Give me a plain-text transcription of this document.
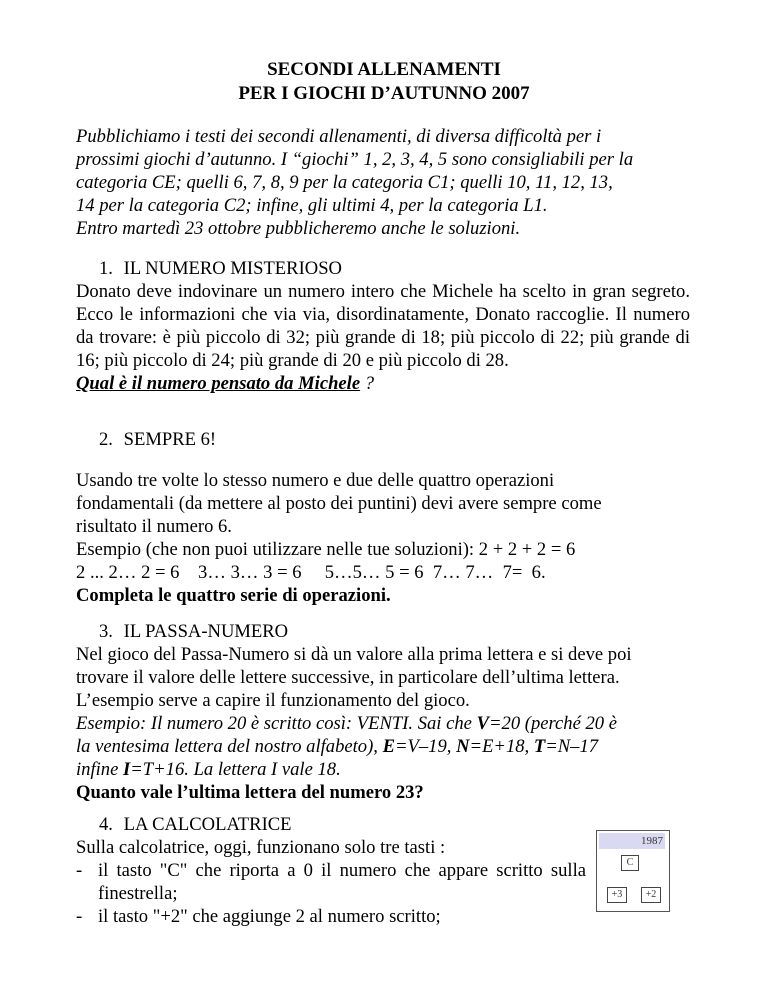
SECONDI ALLENAMENTI
PER I GIOCHI D’AUTUNNO 2007

Pubblichiamo i testi dei secondi allenamenti, di diversa difficoltà per i

prossimi giochi d’autunno. I “giochi” 1, 2, 3, 4, 5 sono consigliabili per la

categoria CE; quelli 6, 7, 8, 9 per la categoria C1; quelli 10, 11, 12, 13,

14 per la categoria C2; infine, gli ultimi 4, per la categoria L1.

Entro martedì 23 ottobre pubblicheremo anche le soluzioni.

1. IL NUMERO MISTERIOSO

Donato deve indovinare un numero intero che Michele ha scelto in gran segreto. Ecco le informazioni che via via, disordinatamente, Donato raccoglie. Il numero da trovare: è più piccolo di 32; più grande di 18; più piccolo di 22; più grande di 16; più piccolo di 24; più grande di 20 e più piccolo di 28.

Qual è il numero pensato da Michele ?

2. SEMPRE 6!

Usando tre volte lo stesso numero e due delle quattro operazioni

fondamentali (da mettere al posto dei puntini) devi avere sempre come

risultato il numero 6.

Esempio (che non puoi utilizzare nelle tue soluzioni): 2 + 2 + 2 = 6

2 ... 2… 2 = 6    3… 3… 3 = 6     5…5… 5 = 6  7… 7…  7=  6.

Completa le quattro serie di operazioni.

3. IL PASSA-NUMERO

Nel gioco del Passa-Numero si dà un valore alla prima lettera e si deve poi

trovare il valore delle lettere successive, in particolare dell’ultima lettera.

L’esempio serve a capire il funzionamento del gioco.

Esempio: Il numero 20 è scritto così: VENTI. Sai che V=20 (perché 20 è

la ventesima lettera del nostro alfabeto), E=V–19, N=E+18, T=N–17

infine I=T+16. La lettera I vale 18.

Quanto vale l’ultima lettera del numero 23?

4. LA CALCOLATRICE

Sulla calcolatrice, oggi, funzionano solo tre tasti :

- il tasto "C" che riporta a 0 il numero che appare scritto sulla finestrella;
- il tasto "+2" che aggiunge 2 al numero scritto;
1987
C
+3	+2
